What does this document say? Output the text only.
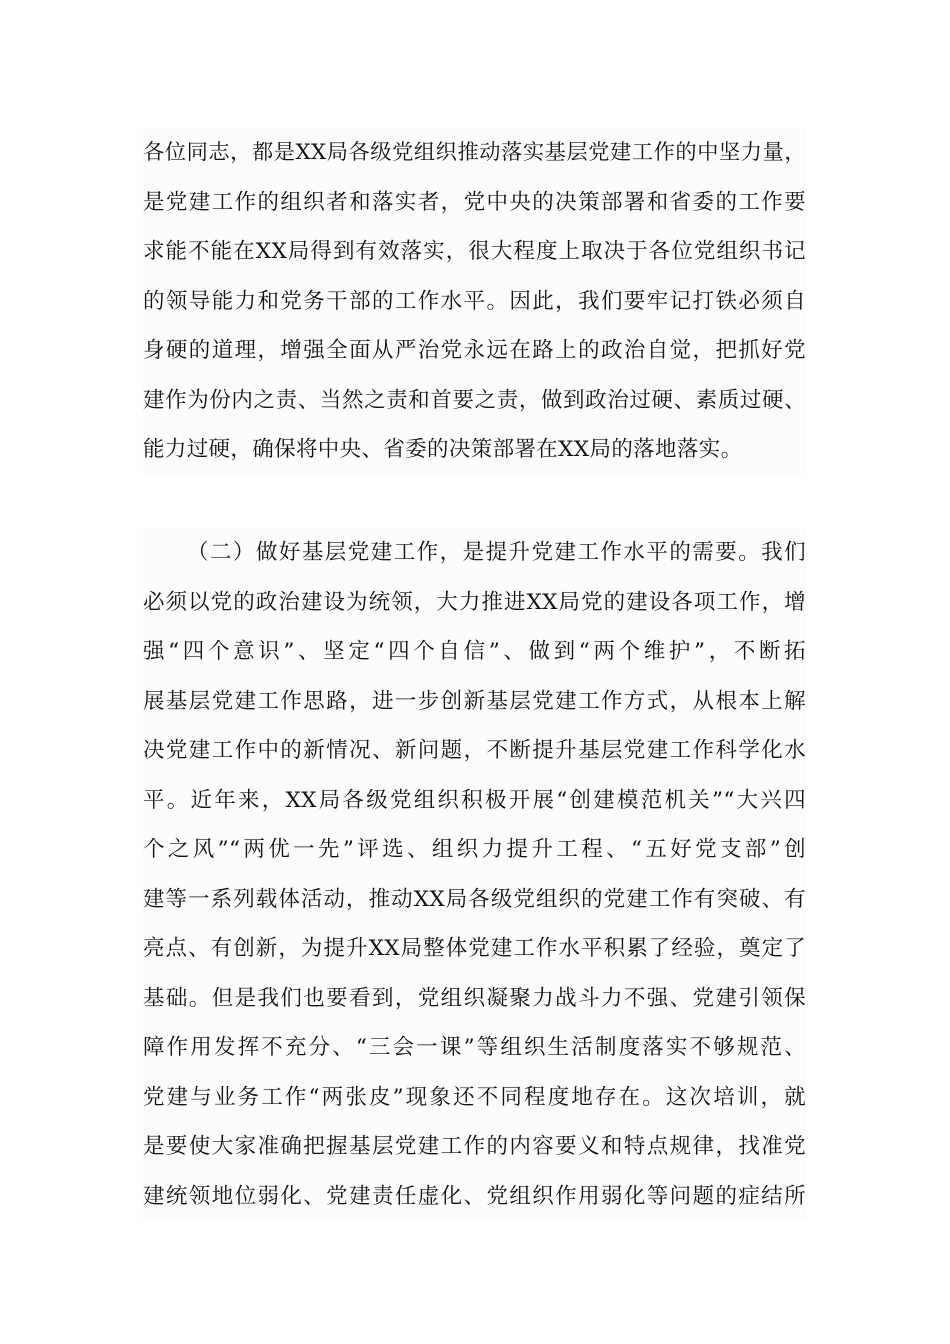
各位同志，都是XX局各级党组织推动落实基层党建工作的中坚力量，
是党建工作的组织者和落实者，党中央的决策部署和省委的工作要
求能不能在XX局得到有效落实，很大程度上取决于各位党组织书记
的领导能力和党务干部的工作水平。因此，我们要牢记打铁必须自
身硬的道理，增强全面从严治党永远在路上的政治自觉，把抓好党
建作为份内之责、当然之责和首要之责，做到政治过硬、素质过硬、
能力过硬，确保将中央、省委的决策部署在XX局的落地落实。
（二）做好基层党建工作，是提升党建工作水平的需要。我们
必须以党的政治建设为统领，大力推进XX局党的建设各项工作，增
强“四个意识”、坚定“四个自信”、做到“两个维护”，不断拓
展基层党建工作思路，进一步创新基层党建工作方式，从根本上解
决党建工作中的新情况、新问题，不断提升基层党建工作科学化水
平。近年来，XX局各级党组织积极开展“创建模范机关”“大兴四
个之风”“两优一先”评选、组织力提升工程、“五好党支部”创
建等一系列载体活动，推动XX局各级党组织的党建工作有突破、有
亮点、有创新，为提升XX局整体党建工作水平积累了经验，奠定了
基础。但是我们也要看到，党组织凝聚力战斗力不强、党建引领保
障作用发挥不充分、“三会一课”等组织生活制度落实不够规范、
党建与业务工作“两张皮”现象还不同程度地存在。这次培训，就
是要使大家准确把握基层党建工作的内容要义和特点规律，找准党
建统领地位弱化、党建责任虚化、党组织作用弱化等问题的症结所
